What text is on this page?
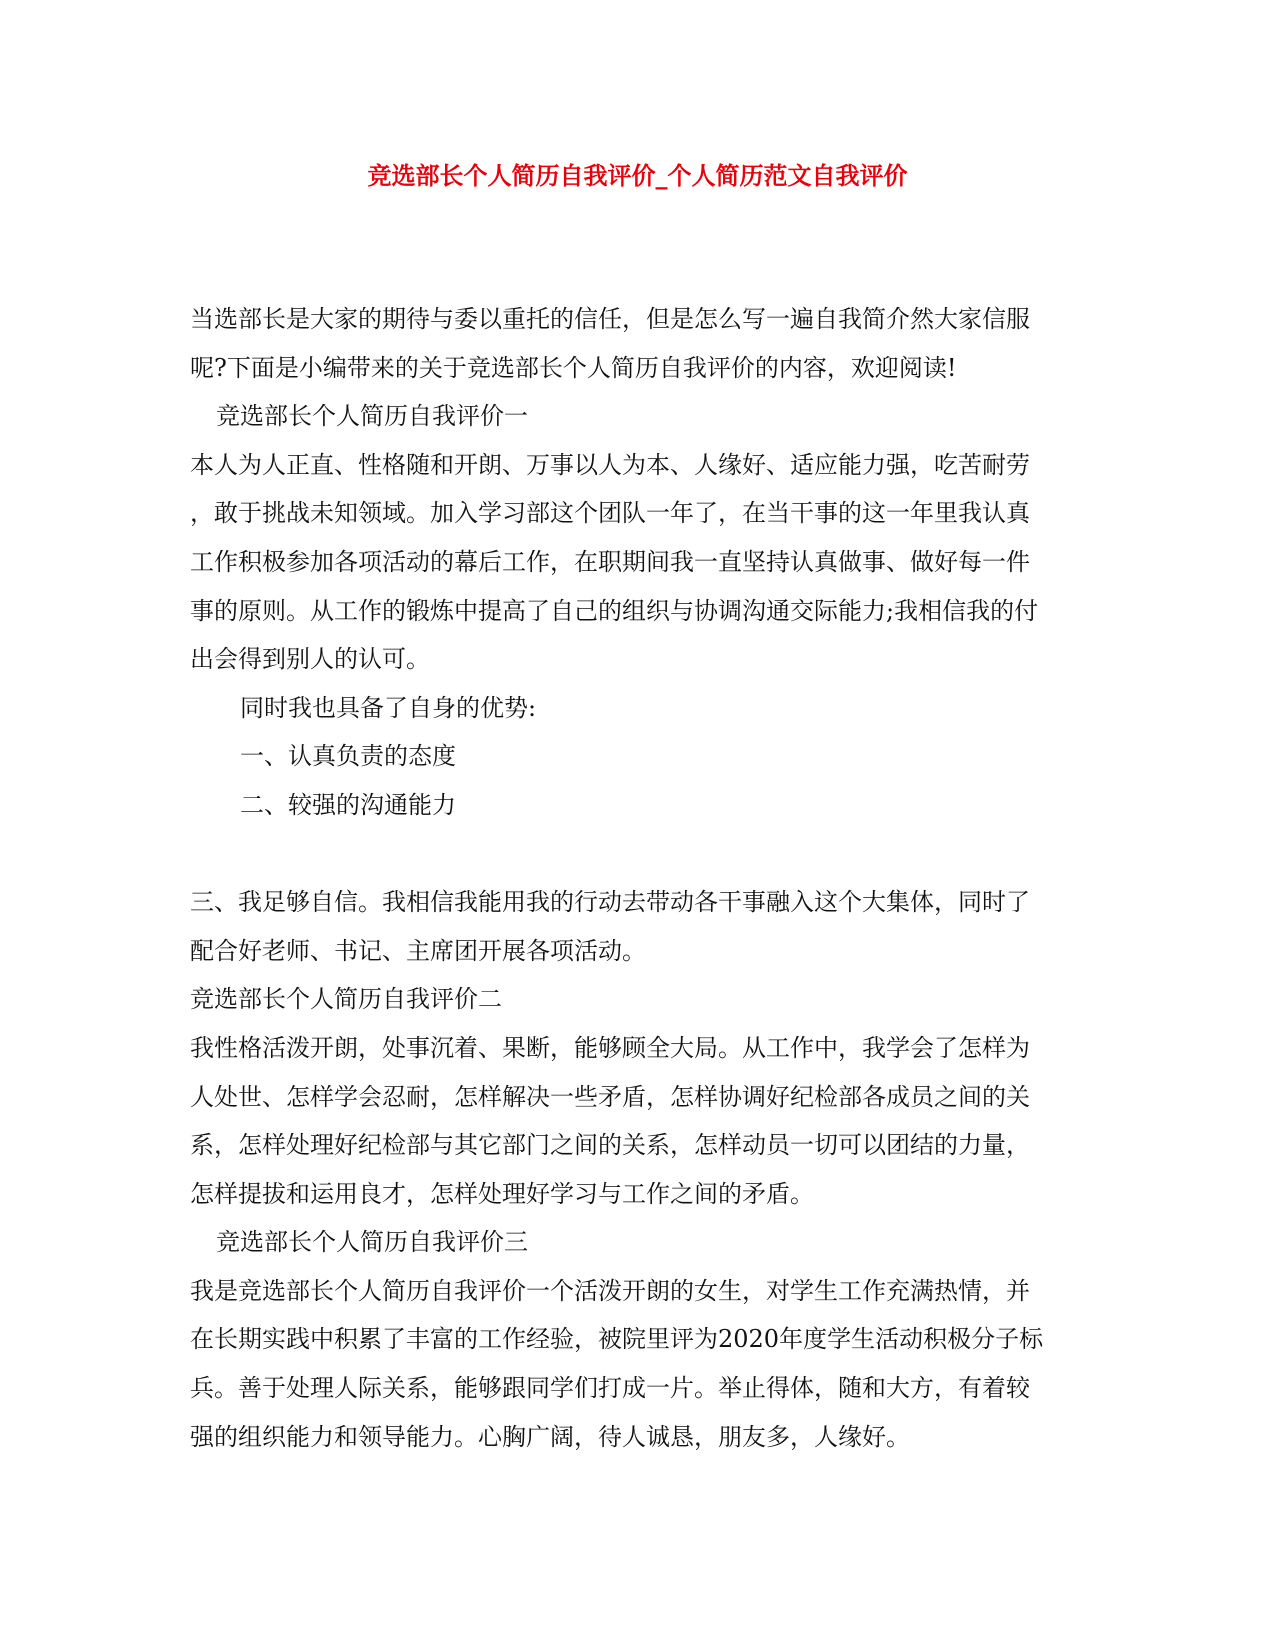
竞选部长个人简历自我评价_个人简历范文自我评价
当选部长是大家的期待与委以重托的信任，但是怎么写一遍自我简介然大家信服
呢?下面是小编带来的关于竞选部长个人简历自我评价的内容，欢迎阅读!
竞选部长个人简历自我评价一
本人为人正直、性格随和开朗、万事以人为本、人缘好、适应能力强，吃苦耐劳
，敢于挑战未知领域。加入学习部这个团队一年了，在当干事的这一年里我认真
工作积极参加各项活动的幕后工作，在职期间我一直坚持认真做事、做好每一件
事的原则。从工作的锻炼中提高了自己的组织与协调沟通交际能力;我相信我的付
出会得到别人的认可。
同时我也具备了自身的优势:
一、认真负责的态度
二、较强的沟通能力
三、我足够自信。我相信我能用我的行动去带动各干事融入这个大集体，同时了
配合好老师、书记、主席团开展各项活动。
竞选部长个人简历自我评价二
我性格活泼开朗，处事沉着、果断，能够顾全大局。从工作中，我学会了怎样为
人处世、怎样学会忍耐，怎样解决一些矛盾，怎样协调好纪检部各成员之间的关
系，怎样处理好纪检部与其它部门之间的关系，怎样动员一切可以团结的力量，
怎样提拔和运用良才，怎样处理好学习与工作之间的矛盾。
竞选部长个人简历自我评价三
我是竞选部长个人简历自我评价一个活泼开朗的女生，对学生工作充满热情，并
在长期实践中积累了丰富的工作经验，被院里评为2020年度学生活动积极分子标
兵。善于处理人际关系，能够跟同学们打成一片。举止得体，随和大方，有着较
强的组织能力和领导能力。心胸广阔，待人诚恳，朋友多，人缘好。
